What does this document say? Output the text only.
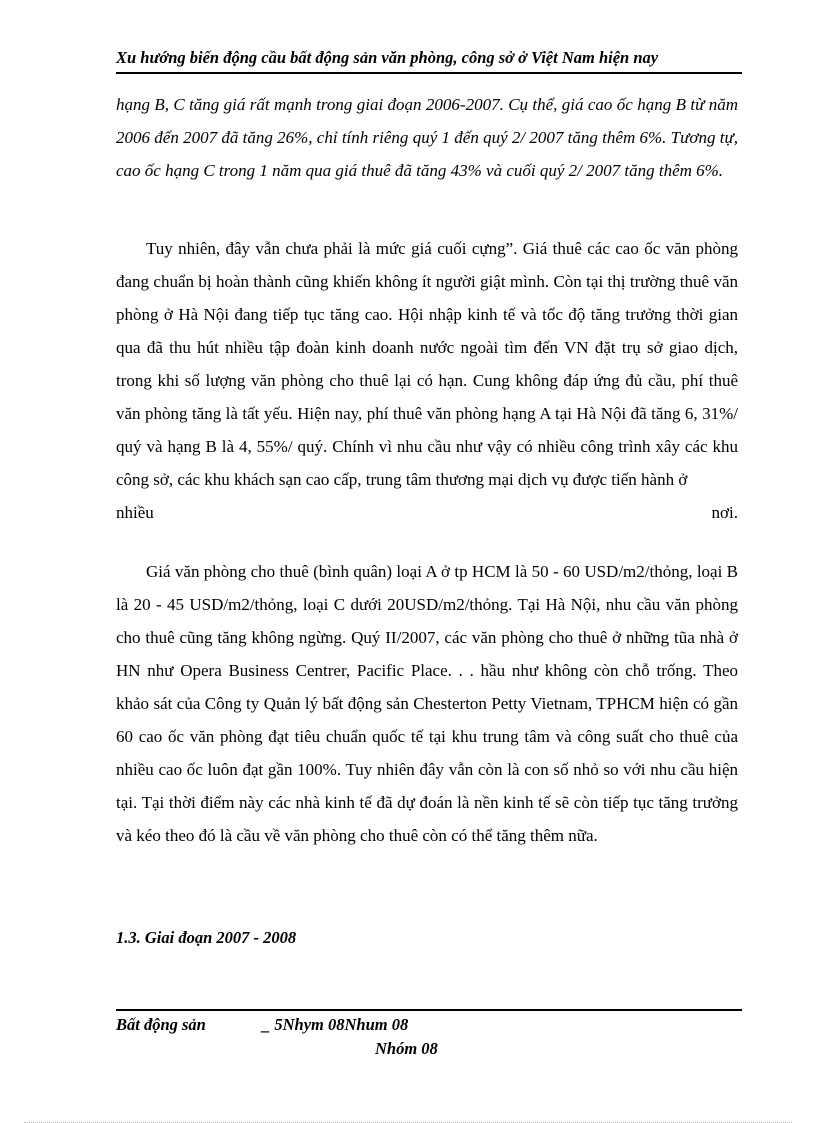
Xu hướng biến động cầu bất động sản văn phòng, công sở ở Việt Nam hiện nay
hạng B, C tăng giá rất mạnh trong giai đoạn 2006-2007. Cụ thể, giá cao ốc hạng B từ năm 2006 đến 2007 đã tăng 26%, chỉ tính riêng quý 1 đến quý 2/ 2007 tăng thêm 6%. Tương tự, cao ốc hạng C trong 1 năm qua giá thuê đã tăng 43% và cuối quý 2/ 2007 tăng thêm 6%.
Tuy nhiên, đây vẫn chưa phải là mức giá cuối cựng”. Giá thuê các cao ốc văn phòng đang chuẩn bị hoàn thành cũng khiến không ít người giật mình. Còn tại thị trường thuê văn phòng ở Hà Nội đang tiếp tục tăng cao. Hội nhập kinh tế và tốc độ tăng trưởng thời gian qua đã thu hút nhiều tập đoàn kinh doanh nước ngoài tìm đến VN đặt trụ sở giao dịch, trong khi số lượng văn phòng cho thuê lại có hạn. Cung không đáp ứng đủ cầu, phí thuê văn phòng tăng là tất yếu. Hiện nay, phí thuê văn phòng hạng A tại Hà Nội đã tăng 6, 31%/ quý và hạng B là 4, 55%/ quý. Chính vì nhu cầu như vậy có nhiều công trình xây các khu công sở, các khu khách sạn cao cấp, trung tâm thương mại dịch vụ được tiến hành ở
nhiều	nơi.
Giá văn phòng cho thuê (bình quân) loại A ở tp HCM là 50 - 60 USD/m2/thỏng, loại B là 20 - 45 USD/m2/thỏng, loại C dưới 20USD/m2/thỏng. Tại Hà Nội, nhu cầu văn phòng cho thuê cũng tăng không ngừng. Quý II/2007, các văn phòng cho thuê ở những tũa nhà ở HN như Opera Business Centrer, Pacific Place. . . hầu như không còn chỗ trống. Theo khảo sát của Công ty Quản lý bất động sản Chesterton Petty Vietnam, TPHCM hiện có gần 60 cao ốc văn phòng đạt tiêu chuẩn quốc tế tại khu trung tâm và công suất cho thuê của nhiều cao ốc luôn đạt gần 100%. Tuy nhiên đây vẫn còn là con số nhỏ so với nhu cầu hiện tại. Tại thời điểm này các nhà kinh tế đã dự đoán là nền kinh tế sẽ còn tiếp tục tăng trưởng và kéo theo đó là cầu về văn phòng cho thuê còn có thể tăng thêm nữa.
1.3. Giai đoạn 2007 - 2008
Bất động sản	_ 5Nhym 08Nhum 08
Nhóm 08
